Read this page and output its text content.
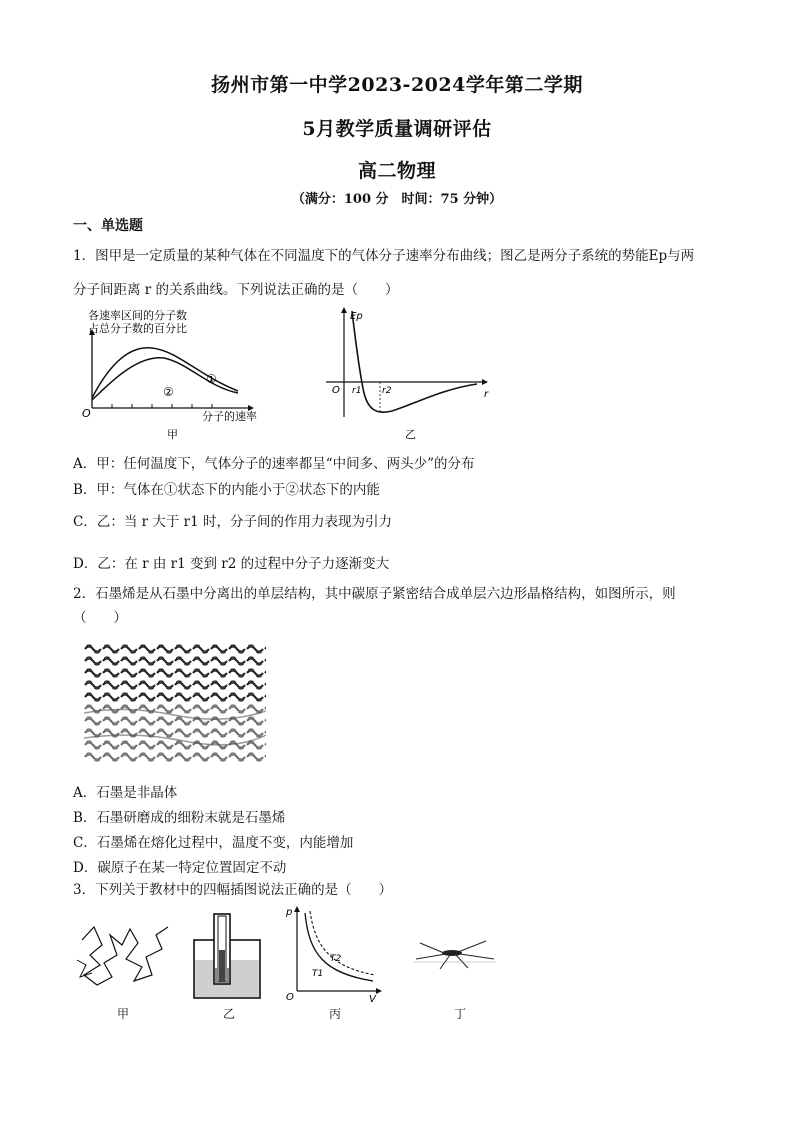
扬州市第一中学2023-2024学年第二学期
5月教学质量调研评估
高二物理
（满分：100 分　时间：75 分钟）
一、单选题
1．图甲是一定质量的某种气体在不同温度下的气体分子速率分布曲线；图乙是两分子系统的势能Ep与两
分子间距离 r 的关系曲线。下列说法正确的是（　　）
各速率区间的分子数
占总分子数的百分比
分子的速率
O
①
②
甲
Ep
r
O r1 r2
乙
A．甲：任何温度下，气体分子的速率都呈“中间多、两头少”的分布
B．甲：气体在①状态下的内能小于②状态下的内能
C．乙：当 r 大于 r1 时，分子间的作用力表现为引力
D．乙：在 r 由 r1 变到 r2 的过程中分子力逐渐变大
2．石墨烯是从石墨中分离出的单层结构，其中碳原子紧密结合成单层六边形晶格结构，如图所示，则
（　　）
A．石墨是非晶体
B．石墨研磨成的细粉末就是石墨烯
C．石墨烯在熔化过程中，温度不变，内能增加
D．碳原子在某一特定位置固定不动
3．下列关于教材中的四幅插图说法正确的是（　　）
p
V
O
T1
T2
甲	乙	丙	丁
